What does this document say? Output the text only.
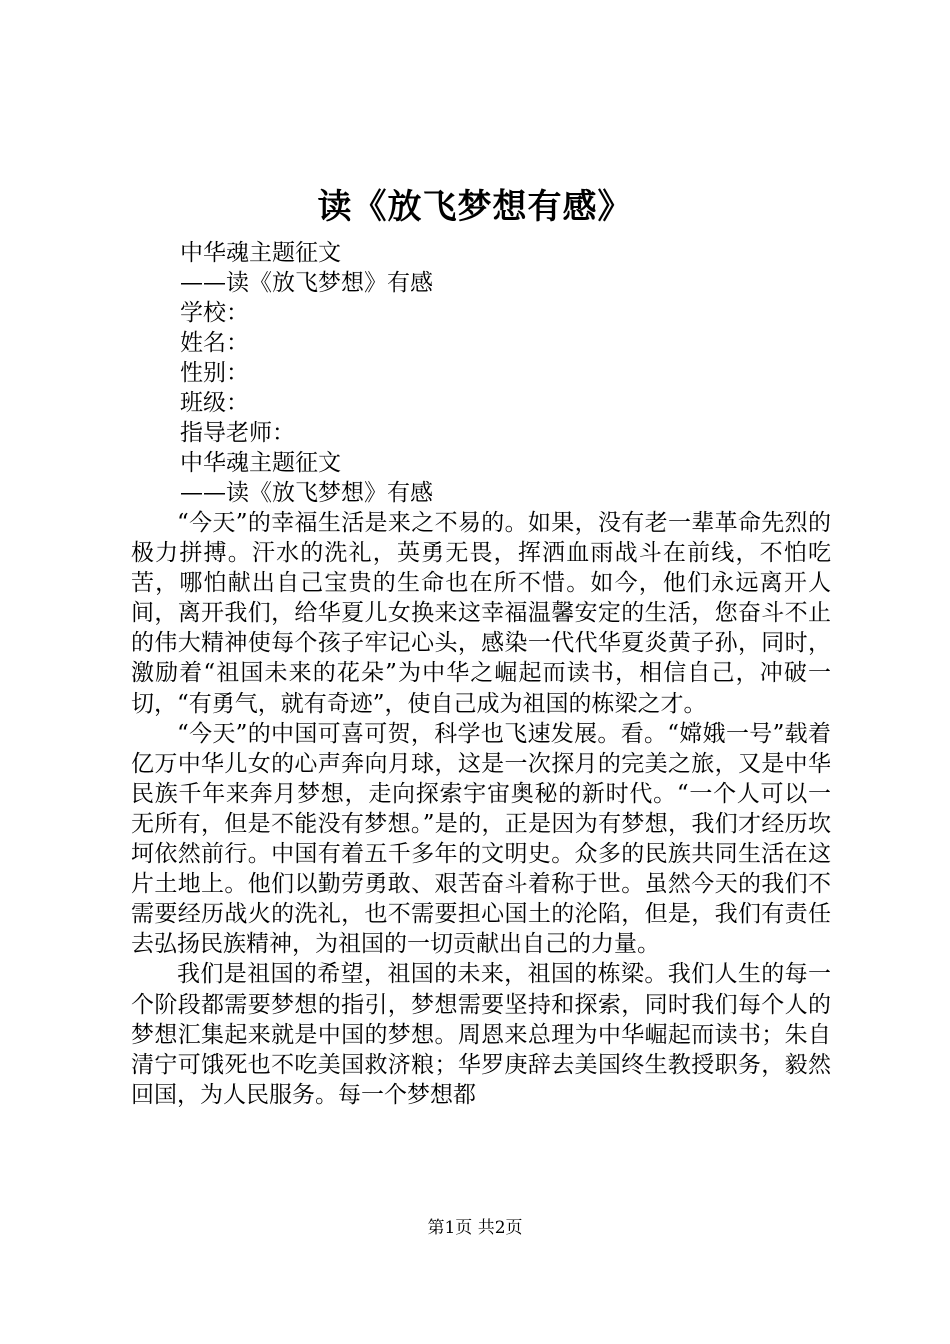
读《放飞梦想有感》
中华魂主题征文
——读《放飞梦想》有感
学校：
姓名：
性别：
班级：
指导老师：
中华魂主题征文
——读《放飞梦想》有感

“今天”的幸福生活是来之不易的。如果，没有老一辈革命先烈的极力拼搏。汗水的洗礼，英勇无畏，挥洒血雨战斗在前线，不怕吃苦，哪怕献出自己宝贵的生命也在所不惜。如今，他们永远离开人间，离开我们，给华夏儿女换来这幸福温馨安定的生活，您奋斗不止的伟大精神使每个孩子牢记心头，感染一代代华夏炎黄子孙，同时，激励着“祖国未来的花朵”为中华之崛起而读书，相信自己，冲破一切，“有勇气，就有奇迹”，使自己成为祖国的栋梁之才。

“今天”的中国可喜可贺，科学也飞速发展。看。“嫦娥一号”载着亿万中华儿女的心声奔向月球，这是一次探月的完美之旅，又是中华民族千年来奔月梦想，走向探索宇宙奥秘的新时代。“一个人可以一无所有，但是不能没有梦想。”是的，正是因为有梦想，我们才经历坎坷依然前行。中国有着五千多年的文明史。众多的民族共同生活在这片土地上。他们以勤劳勇敢、艰苦奋斗着称于世。虽然今天的我们不需要经历战火的洗礼，也不需要担心国土的沦陷，但是，我们有责任去弘扬民族精神，为祖国的一切贡献出自己的力量。

我们是祖国的希望，祖国的未来，祖国的栋梁。我们人生的每一个阶段都需要梦想的指引，梦想需要坚持和探索，同时我们每个人的梦想汇集起来就是中国的梦想。周恩来总理为中华崛起而读书；朱自清宁可饿死也不吃美国救济粮；华罗庚辞去美国终生教授职务，毅然回国，为人民服务。每一个梦想都

第1页 共2页
